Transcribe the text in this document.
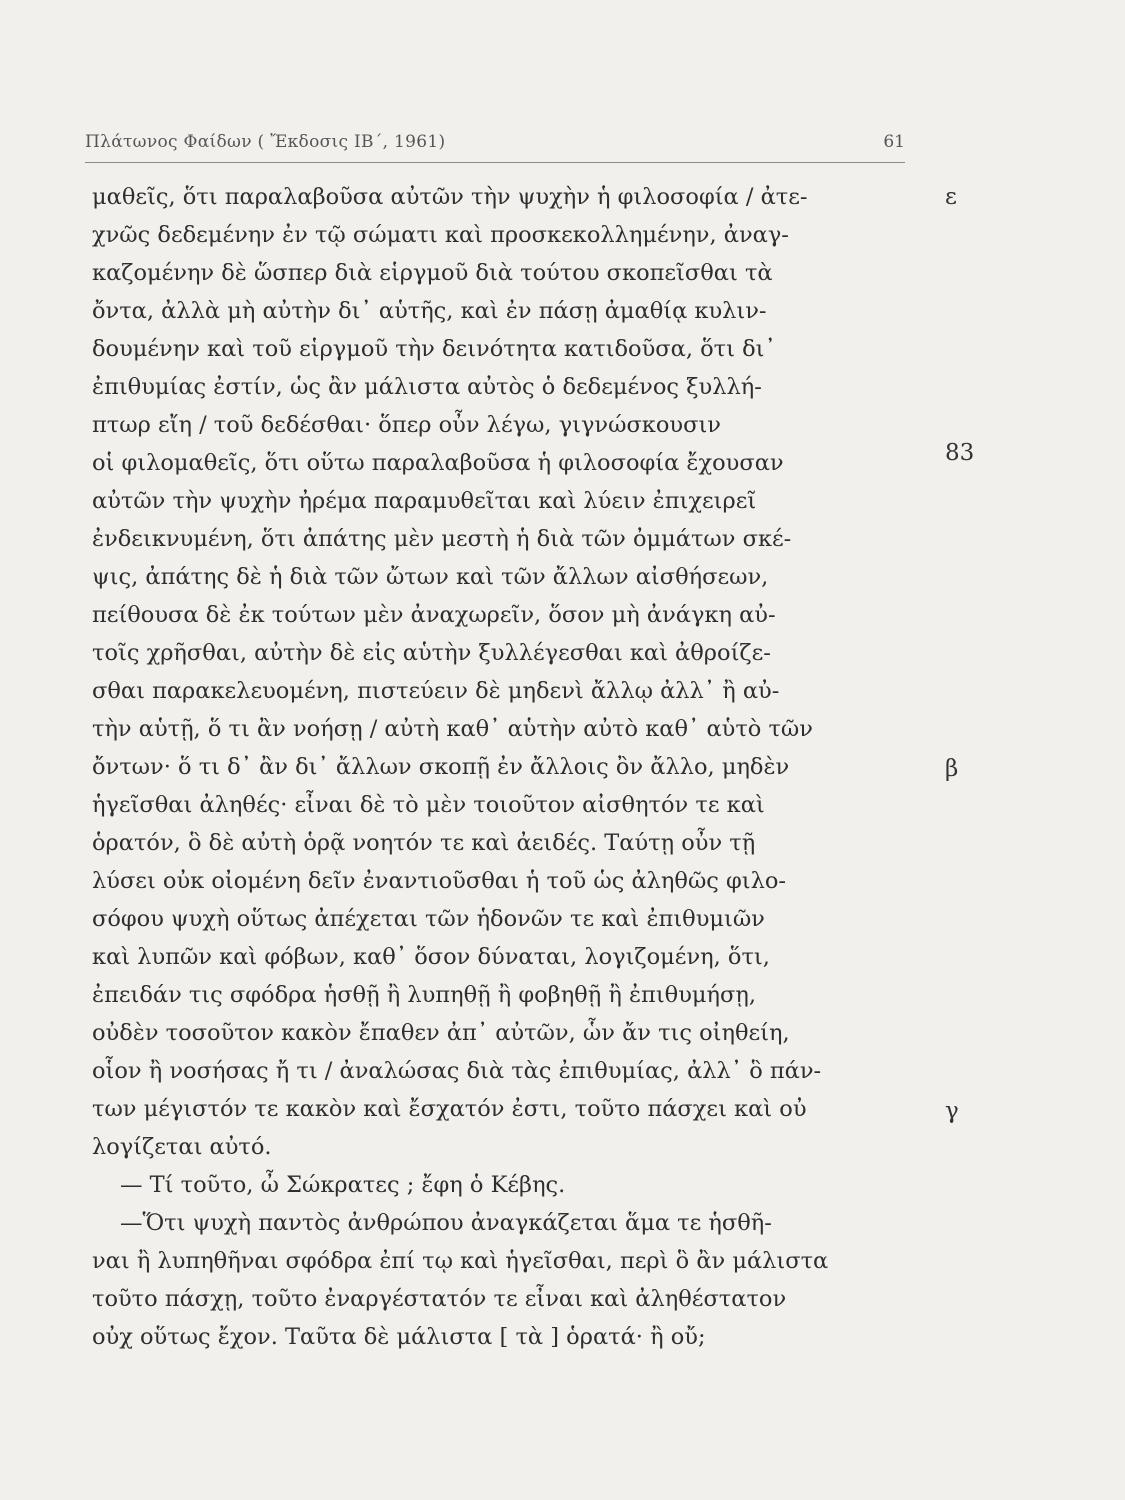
Πλάτωνος Φαίδων ( Ἔκδοσις ΙΒ΄, 1961)	61
μαθεῖς, ὅτι παραλαβοῦσα αὐτῶν τὴν ψυχὴν ἡ φιλοσοφία / ἀτε-
χνῶς δεδεμένην ἐν τῷ σώματι καὶ προσκεκολλημένην, ἀναγ-
καζομένην δὲ ὥσπερ διὰ εἱργμοῦ διὰ τούτου σκοπεῖσθαι τὰ
ὄντα, ἀλλὰ μὴ αὐτὴν δι᾽ αὑτῆς, καὶ ἐν πάσῃ ἀμαθίᾳ κυλιν-
δουμένην καὶ τοῦ εἱργμοῦ τὴν δεινότητα κατιδοῦσα, ὅτι δι᾽
ἐπιθυμίας ἐστίν, ὡς ἂν μάλιστα αὐτὸς ὁ δεδεμένος ξυλλή-
πτωρ εἴη / τοῦ δεδέσθαι· ὅπερ οὖν λέγω, γιγνώσκουσιν
οἱ φιλομαθεῖς, ὅτι οὕτω παραλαβοῦσα ἡ φιλοσοφία ἔχουσαν
αὐτῶν τὴν ψυχὴν ἠρέμα παραμυθεῖται καὶ λύειν ἐπιχειρεῖ
ἐνδεικνυμένη, ὅτι ἀπάτης μὲν μεστὴ ἡ διὰ τῶν ὀμμάτων σκέ-
ψις, ἀπάτης δὲ ἡ διὰ τῶν ὤτων καὶ τῶν ἄλλων αἰσθήσεων,
πείθουσα δὲ ἐκ τούτων μὲν ἀναχωρεῖν, ὅσον μὴ ἀνάγκη αὐ-
τοῖς χρῆσθαι, αὐτὴν δὲ εἰς αὑτὴν ξυλλέγεσθαι καὶ ἀθροίζε-
σθαι παρακελευομένη, πιστεύειν δὲ μηδενὶ ἄλλῳ ἀλλ᾽ ἢ αὐ-
τὴν αὑτῇ, ὅ τι ἂν νοήσῃ / αὐτὴ καθ᾽ αὑτὴν αὐτὸ καθ᾽ αὑτὸ τῶν
ὄντων· ὅ τι δ᾽ ἂν δι᾽ ἄλλων σκοπῇ ἐν ἄλλοις ὂν ἄλλο, μηδὲν
ἡγεῖσθαι ἀληθές· εἶναι δὲ τὸ μὲν τοιοῦτον αἰσθητόν τε καὶ
ὁρατόν, ὃ δὲ αὐτὴ ὁρᾷ νοητόν τε καὶ ἀειδές. Ταύτῃ οὖν τῇ
λύσει οὐκ οἰομένη δεῖν ἐναντιοῦσθαι ἡ τοῦ ὡς ἀληθῶς φιλο-
σόφου ψυχὴ οὕτως ἀπέχεται τῶν ἡδονῶν τε καὶ ἐπιθυμιῶν
καὶ λυπῶν καὶ φόβων, καθ᾽ ὅσον δύναται, λογιζομένη, ὅτι,
ἐπειδάν τις σφόδρα ἡσθῇ ἢ λυπηθῇ ἢ φοβηθῇ ἢ ἐπιθυμήσῃ,
οὐδὲν τοσοῦτον κακὸν ἔπαθεν ἀπ᾽ αὐτῶν, ὧν ἄν τις οἰηθείη,
οἷον ἢ νοσήσας ἤ τι / ἀναλώσας διὰ τὰς ἐπιθυμίας, ἀλλ᾽ ὃ πάν-
των μέγιστόν τε κακὸν καὶ ἔσχατόν ἐστι, τοῦτο πάσχει καὶ οὐ
λογίζεται αὐτό.
— Τί τοῦτο, ὦ Σώκρατες ; ἔφη ὁ Κέβης.
—Ὅτι ψυχὴ παντὸς ἀνθρώπου ἀναγκάζεται ἅμα τε ἡσθῆ-
ναι ἢ λυπηθῆναι σφόδρα ἐπί τῳ καὶ ἡγεῖσθαι, περὶ ὃ ἂν μάλιστα
τοῦτο πάσχῃ, τοῦτο ἐναργέστατόν τε εἶναι καὶ ἀληθέστατον
οὐχ οὕτως ἔχον. Ταῦτα δὲ μάλιστα [ τὰ ] ὁρατά· ἢ οὔ;
ε
83
β
γ
